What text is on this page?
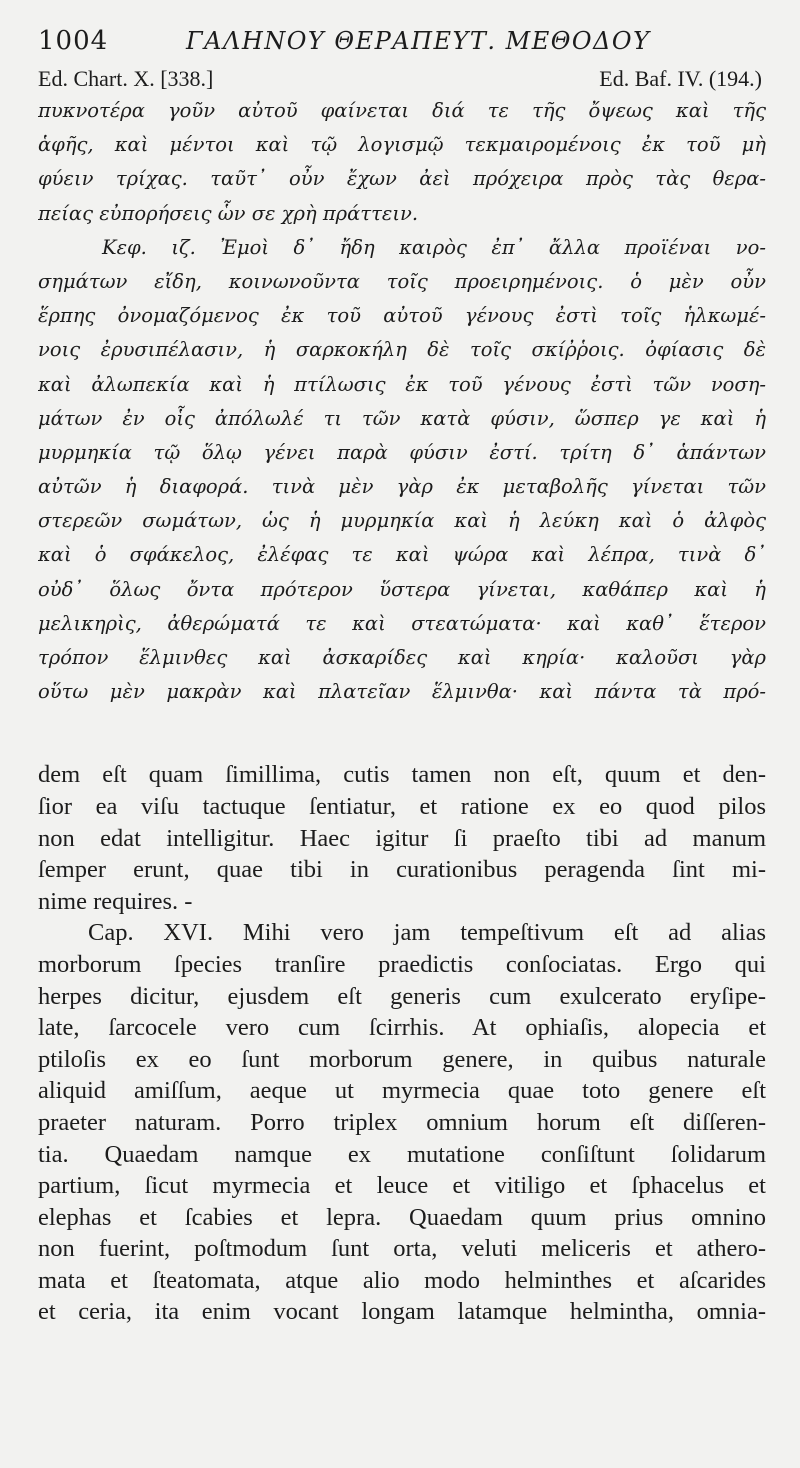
1004	ΓΑΛΗΝΟΥ ΘΕΡΑΠΕΥΤ. ΜΕΘΟΔΟΥ
Ed. Chart. X. [338.]	Ed. Baf. IV. (194.)
πυκνοτέρα γοῦν αὐτοῦ φαίνεται διά τε τῆς ὄψεως καὶ τῆς
ἁφῆς, καὶ μέντοι καὶ τῷ λογισμῷ τεκμαιρομένοις ἐκ τοῦ μὴ
φύειν τρίχας. ταῦτ᾿ οὖν ἔχων ἀεὶ πρόχειρα πρὸς τὰς θερα-
πείας εὐπορήσεις ὧν σε χρὴ πράττειν.
Κεφ. ιζ. Ἐμοὶ δ᾿ ἤδη καιρὸς ἐπ᾿ ἄλλα προϊέναι νο-
σημάτων εἴδη, κοινωνοῦντα τοῖς προειρημένοις. ὁ μὲν οὖν
ἕρπης ὀνομαζόμενος ἐκ τοῦ αὐτοῦ γένους ἐστὶ τοῖς ἡλκωμέ-
νοις ἐρυσιπέλασιν, ἡ σαρκοκήλη δὲ τοῖς σκίῤῥοις. ὀφίασις δὲ
καὶ ἀλωπεκία καὶ ἡ πτίλωσις ἐκ τοῦ γένους ἐστὶ τῶν νοση-
μάτων ἐν οἷς ἀπόλωλέ τι τῶν κατὰ φύσιν, ὥσπερ γε καὶ ἡ
μυρμηκία τῷ ὅλῳ γένει παρὰ φύσιν ἐστί. τρίτη δ᾿ ἁπάντων
αὐτῶν ἡ διαφορά. τινὰ μὲν γὰρ ἐκ μεταβολῆς γίνεται τῶν
στερεῶν σωμάτων, ὡς ἡ μυρμηκία καὶ ἡ λεύκη καὶ ὁ ἀλφὸς
καὶ ὁ σφάκελος, ἐλέφας τε καὶ ψώρα καὶ λέπρα, τινὰ δ᾿
οὐδ᾿ ὅλως ὄντα πρότερον ὕστερα γίνεται, καθάπερ καὶ ἡ
μελικηρὶς, ἀθερώματά τε καὶ στεατώματα· καὶ καθ᾿ ἕτερον
τρόπον ἕλμινθες καὶ ἀσκαρίδες καὶ κηρία· καλοῦσι γὰρ
οὕτω μὲν μακρὰν καὶ πλατεῖαν ἕλμινθα· καὶ πάντα τὰ πρό-
dem eſt quam ſimillima, cutis tamen non eſt, quum et den-
ſior ea viſu tactuque ſentiatur, et ratione ex eo quod pilos
non edat intelligitur. Haec igitur ſi praeſto tibi ad manum
ſemper erunt, quae tibi in curationibus peragenda ſint mi-
nime requires. -
Cap. XVI. Mihi vero jam tempeſtivum eſt ad alias
morborum ſpecies tranſire praedictis conſociatas. Ergo qui
herpes dicitur, ejusdem eſt generis cum exulcerato eryſipe-
late, ſarcocele vero cum ſcirrhis. At ophiaſis, alopecia et
ptiloſis ex eo ſunt morborum genere, in quibus naturale
aliquid amiſſum, aeque ut myrmecia quae toto genere eſt
praeter naturam. Porro triplex omnium horum eſt diſſeren-
tia. Quaedam namque ex mutatione conſiſtunt ſolidarum
partium, ſicut myrmecia et leuce et vitiligo et ſphacelus et
elephas et ſcabies et lepra. Quaedam quum prius omnino
non fuerint, poſtmodum ſunt orta, veluti meliceris et athero-
mata et ſteatomata, atque alio modo helminthes et aſcarides
et ceria, ita enim vocant longam latamque helmintha, omnia-
